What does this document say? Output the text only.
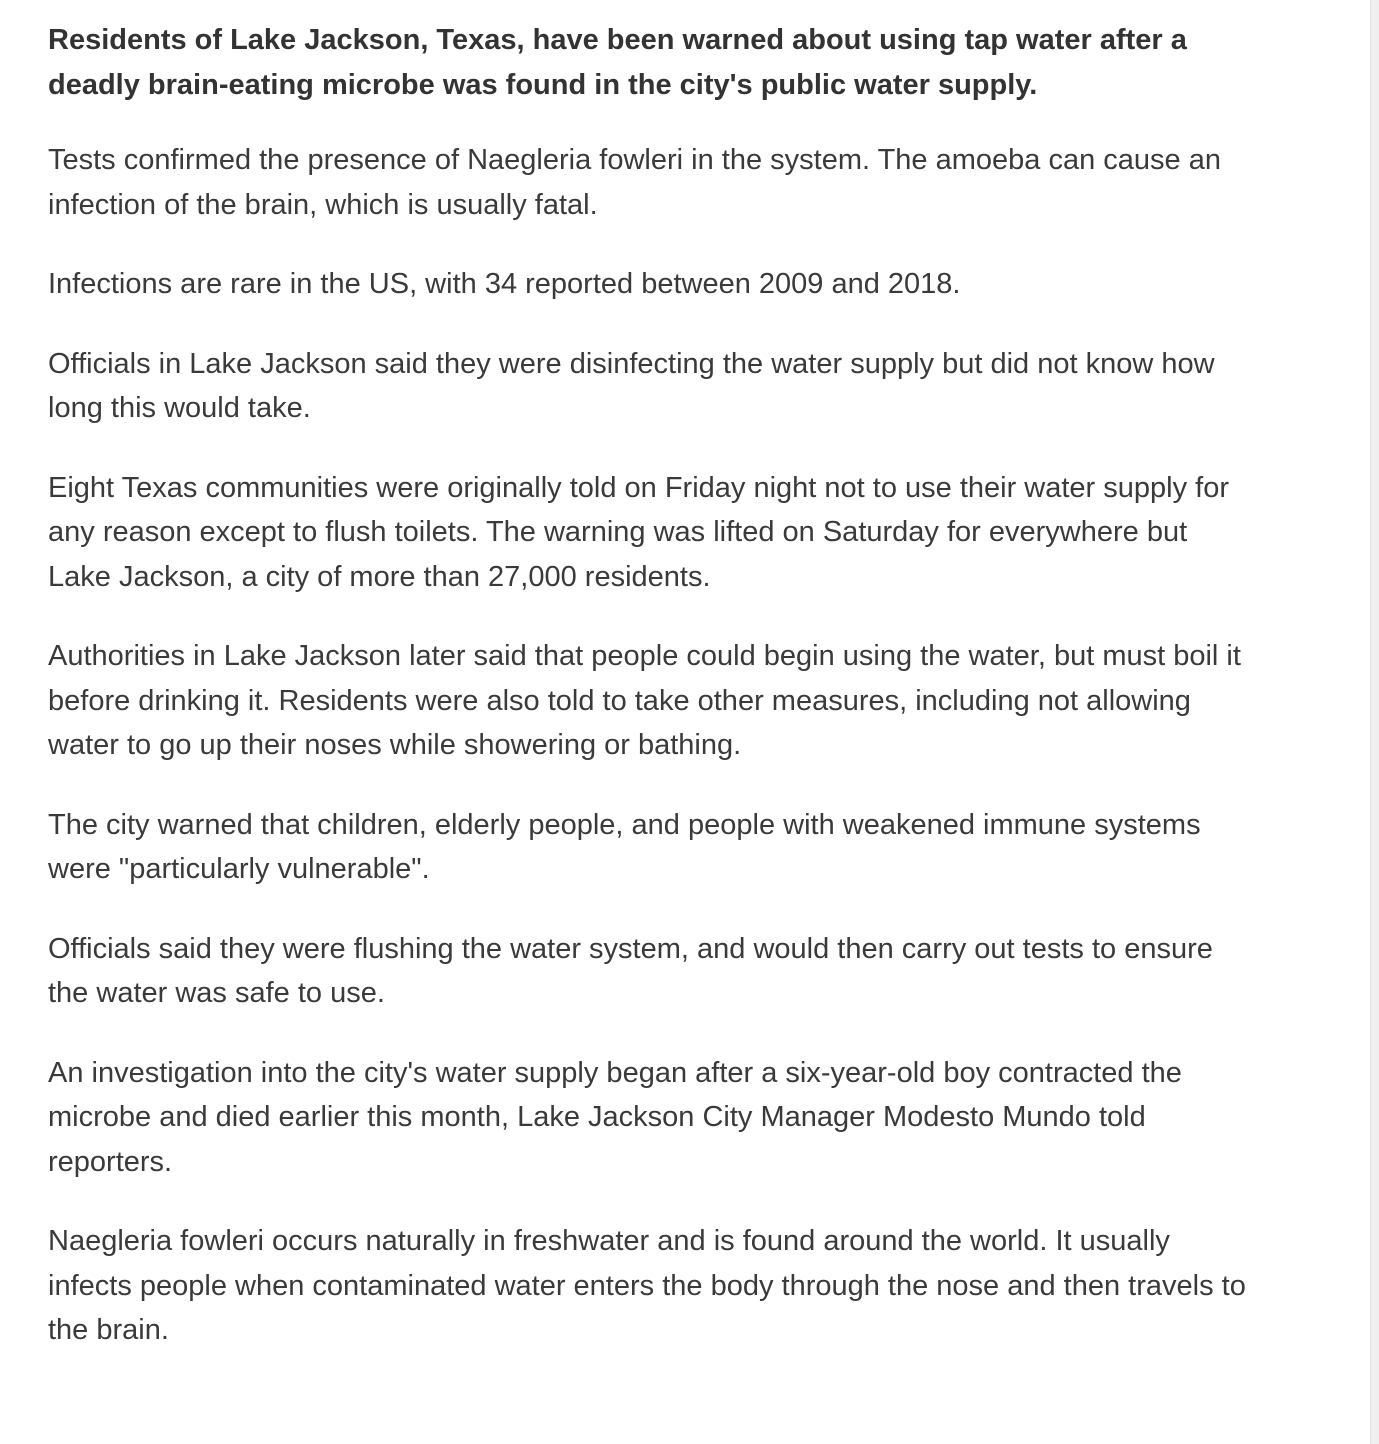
Residents of Lake Jackson, Texas, have been warned about using tap water after a deadly brain-eating microbe was found in the city's public water supply.

Tests confirmed the presence of Naegleria fowleri in the system. The amoeba can cause an infection of the brain, which is usually fatal.

Infections are rare in the US, with 34 reported between 2009 and 2018.

Officials in Lake Jackson said they were disinfecting the water supply but did not know how long this would take.

Eight Texas communities were originally told on Friday night not to use their water supply for any reason except to flush toilets. The warning was lifted on Saturday for everywhere but Lake Jackson, a city of more than 27,000 residents.

Authorities in Lake Jackson later said that people could begin using the water, but must boil it before drinking it. Residents were also told to take other measures, including not allowing water to go up their noses while showering or bathing.

The city warned that children, elderly people, and people with weakened immune systems were "particularly vulnerable".

Officials said they were flushing the water system, and would then carry out tests to ensure the water was safe to use.

An investigation into the city's water supply began after a six-year-old boy contracted the microbe and died earlier this month, Lake Jackson City Manager Modesto Mundo told reporters.

Naegleria fowleri occurs naturally in freshwater and is found around the world. It usually infects people when contaminated water enters the body through the nose and then travels to the brain.
